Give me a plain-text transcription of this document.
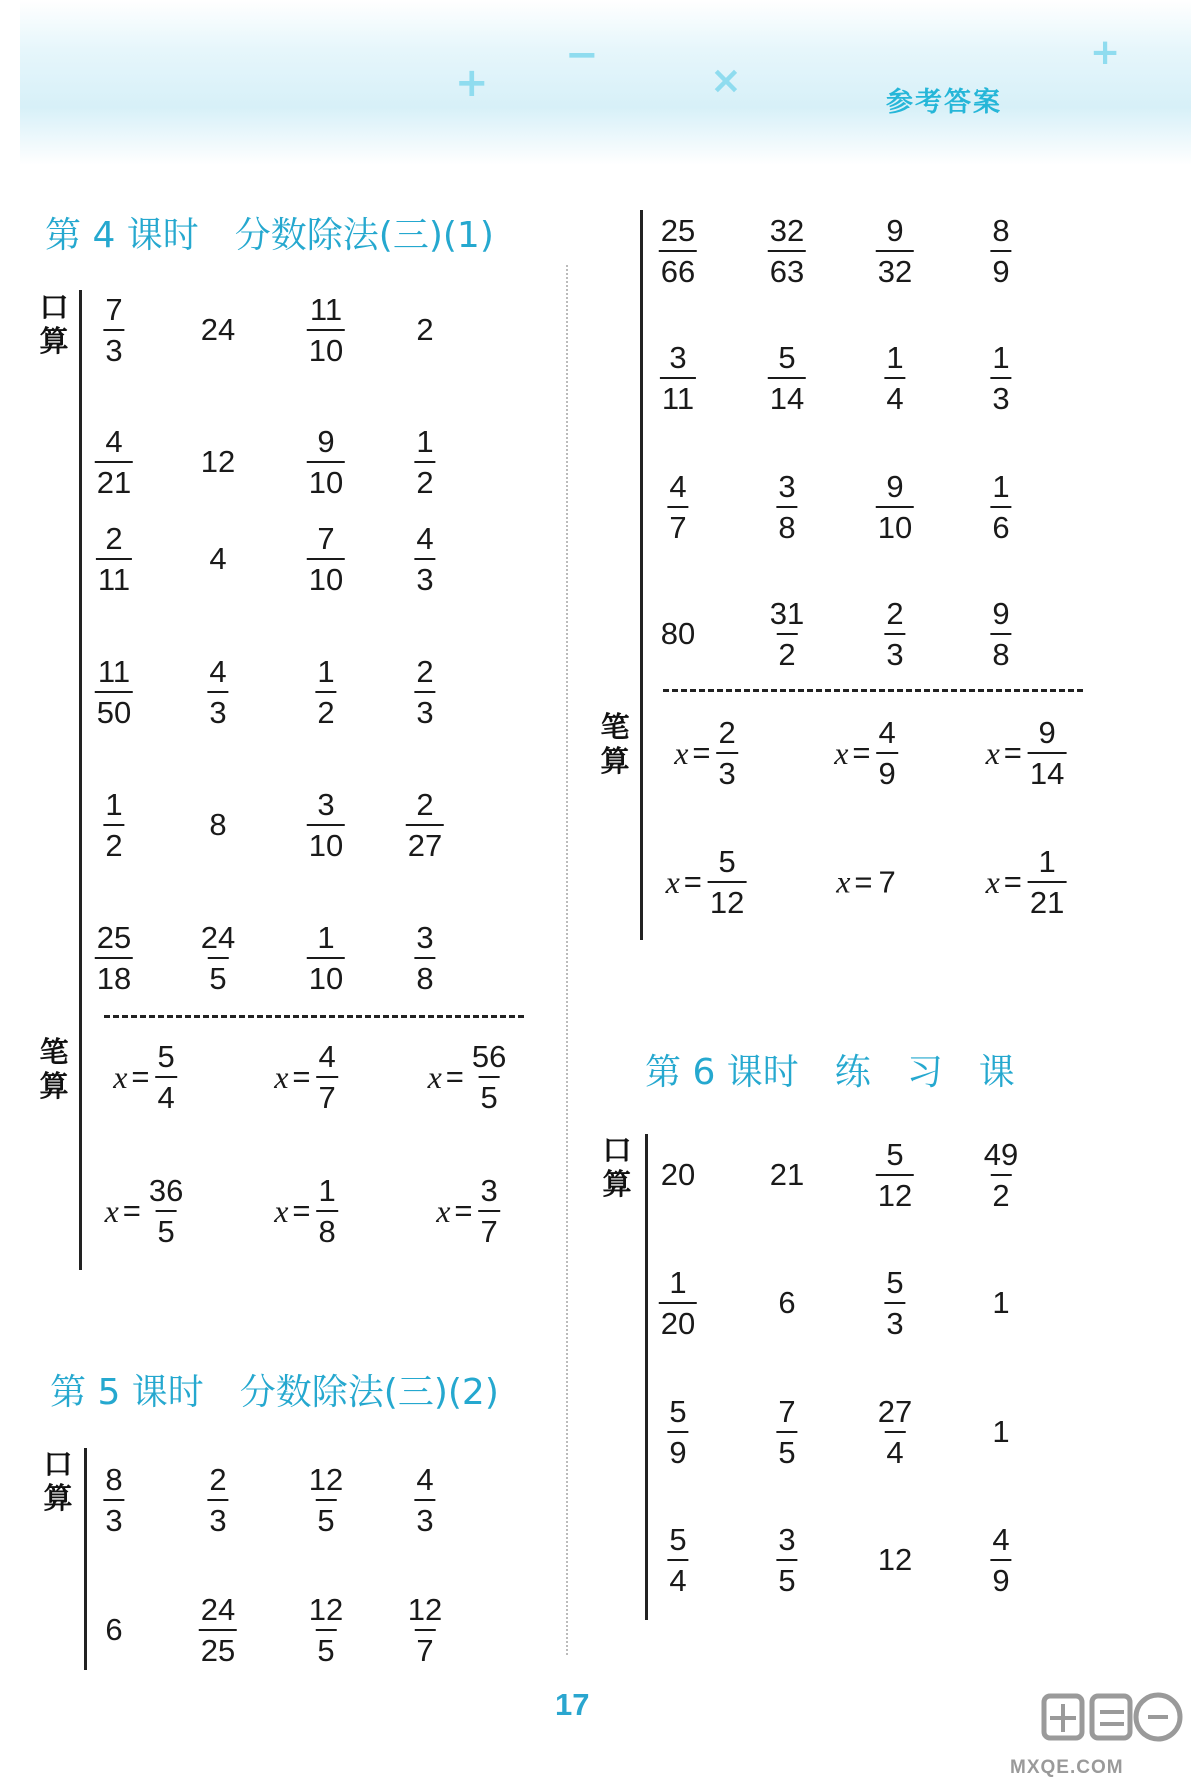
+
−
×
+
参考答案
第 4 课时　分数除法(三)(1)
口算
笔算
$\frac{7}{3} 24 \frac{11}{10} 2$
$\frac{4}{21} 12 \frac{9}{10} \frac{1}{2}$
$\frac{2}{11} 4$	$\frac{7}{10} \frac{4}{3}$
$\frac{11}{50} \frac{4}{3}$	$\frac{1}{2}$	$\frac{2}{3}$
$\frac{1}{2}$	8	$\frac{3}{10} \frac{2}{27}$
$\frac{25}{18} \frac{24}{5} \frac{1}{10} \frac{3}{8}$
$x = \frac{5}{4}$	$x = \frac{4}{7}$	$x = \frac{56}{5}$
$x = \frac{36}{5}$	$x = \frac{1}{8}$	$x = \frac{3}{7}$
第 5 课时　分数除法(三)(2)
口算
笔算
$\frac{8}{3}$	$\frac{2}{3}$	$\frac{12}{5} \frac{4}{3}$
$6 \frac{24}{25} \frac{12}{5} \frac{12}{7}$
$\frac{25}{66} \frac{32}{63} \frac{9}{32} \frac{8}{9}$
$\frac{3}{11} \frac{5}{14}$	$\frac{1}{4}$	$\frac{1}{3}$
$\frac{4}{7}$	$\frac{3}{8}$	$\frac{9}{10} \frac{1}{6}$
$80 \frac{31}{2}$	$\frac{2}{3}$	$\frac{9}{8}$
$x = \frac{2}{3}$	$x = \frac{4}{9}$	$x = \frac{9}{14}$
$x = \frac{5}{12}$	x = 7	$x = \frac{1}{21}$
第 6 课时　练　习　课
口算 20 $21 \frac{5}{12} \frac{49}{2}$
$\frac{1}{20}$	6	$\frac{5}{3}$	1
$\frac{5}{9}$	$\frac{7}{5}$	$\frac{27}{4}$	1
$\frac{5}{4}$	$\frac{3}{5}$	12	$\frac{4}{9}$
17
MXQE.COM
